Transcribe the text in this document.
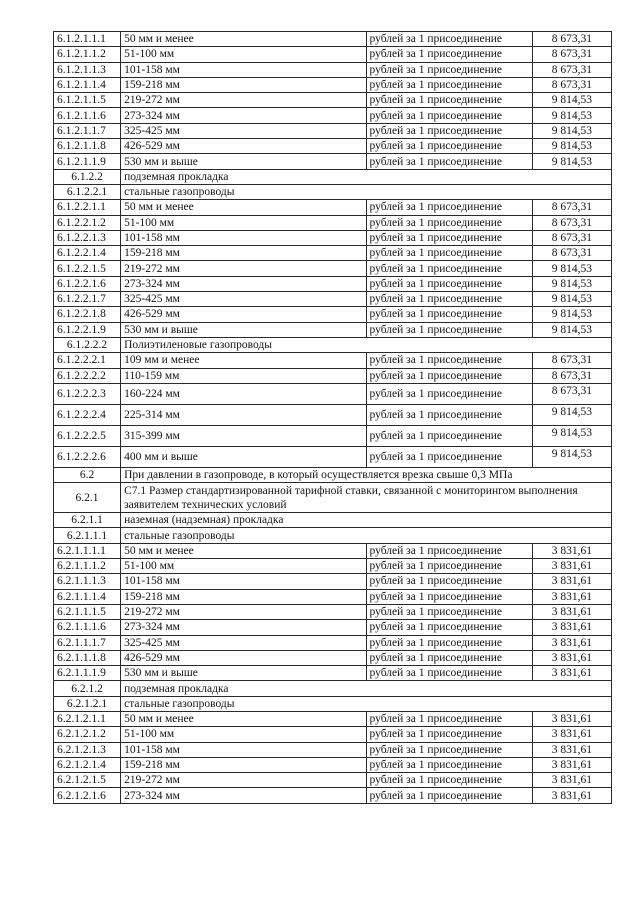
6.1.2.1.1.1	50 мм и менее	рублей за 1 присоединение	8 673,31
6.1.2.1.1.2	51-100 мм	рублей за 1 присоединение	8 673,31
6.1.2.1.1.3	101-158 мм	рублей за 1 присоединение	8 673,31
6.1.2.1.1.4	159-218 мм	рублей за 1 присоединение	8 673,31
6.1.2.1.1.5	219-272 мм	рублей за 1 присоединение	9 814,53
6.1.2.1.1.6	273-324 мм	рублей за 1 присоединение	9 814,53
6.1.2.1.1.7	325-425 мм	рублей за 1 присоединение	9 814,53
6.1.2.1.1.8	426-529 мм	рублей за 1 присоединение	9 814,53
6.1.2.1.1.9	530 мм и выше	рублей за 1 присоединение	9 814,53
6.1.2.2	подземная прокладка		
6.1.2.2.1	стальные газопроводы		
6.1.2.2.1.1	50 мм и менее	рублей за 1 присоединение	8 673,31
6.1.2.2.1.2	51-100 мм	рублей за 1 присоединение	8 673,31
6.1.2.2.1.3	101-158 мм	рублей за 1 присоединение	8 673,31
6.1.2.2.1.4	159-218 мм	рублей за 1 присоединение	8 673,31
6.1.2.2.1.5	219-272 мм	рублей за 1 присоединение	9 814,53
6.1.2.2.1.6	273-324 мм	рублей за 1 присоединение	9 814,53
6.1.2.2.1.7	325-425 мм	рублей за 1 присоединение	9 814,53
6.1.2.2.1.8	426-529 мм	рублей за 1 присоединение	9 814,53
6.1.2.2.1.9	530 мм и выше	рублей за 1 присоединение	9 814,53
6.1.2.2.2	Полиэтиленовые газопроводы		
6.1.2.2.2.1	109 мм и менее	рублей за 1 присоединение	8 673,31
6.1.2.2.2.2	110-159 мм	рублей за 1 присоединение	8 673,31
6.1.2.2.2.3	160-224 мм	рублей за 1 присоединение	8 673,31
6.1.2.2.2.4	225-314 мм	рублей за 1 присоединение	9 814,53
6.1.2.2.2.5	315-399 мм	рублей за 1 присоединение	9 814,53
6.1.2.2.2.6	400 мм и выше	рублей за 1 присоединение	9 814,53
6.2	При давлении в газопроводе, в который осуществляется врезка свыше 0,3 МПа		
6.2.1	С7.1 Размер стандартизированной тарифной ставки, связанной с мониторингом выполнения заявителем технических условий		
6.2.1.1	наземная (надземная) прокладка		
6.2.1.1.1	стальные газопроводы		
6.2.1.1.1.1	50 мм и менее	рублей за 1 присоединение	3 831,61
6.2.1.1.1.2	51-100 мм	рублей за 1 присоединение	3 831,61
6.2.1.1.1.3	101-158 мм	рублей за 1 присоединение	3 831,61
6.2.1.1.1.4	159-218 мм	рублей за 1 присоединение	3 831,61
6.2.1.1.1.5	219-272 мм	рублей за 1 присоединение	3 831,61
6.2.1.1.1.6	273-324 мм	рублей за 1 присоединение	3 831,61
6.2.1.1.1.7	325-425 мм	рублей за 1 присоединение	3 831,61
6.2.1.1.1.8	426-529 мм	рублей за 1 присоединение	3 831,61
6.2.1.1.1.9	530 мм и выше	рублей за 1 присоединение	3 831,61
6.2.1.2	подземная прокладка		
6.2.1.2.1	стальные газопроводы		
6.2.1.2.1.1	50 мм и менее	рублей за 1 присоединение	3 831,61
6.2.1.2.1.2	51-100 мм	рублей за 1 присоединение	3 831,61
6.2.1.2.1.3	101-158 мм	рублей за 1 присоединение	3 831,61
6.2.1.2.1.4	159-218 мм	рублей за 1 присоединение	3 831,61
6.2.1.2.1.5	219-272 мм	рублей за 1 присоединение	3 831,61
6.2.1.2.1.6	273-324 мм	рублей за 1 присоединение	3 831,61
